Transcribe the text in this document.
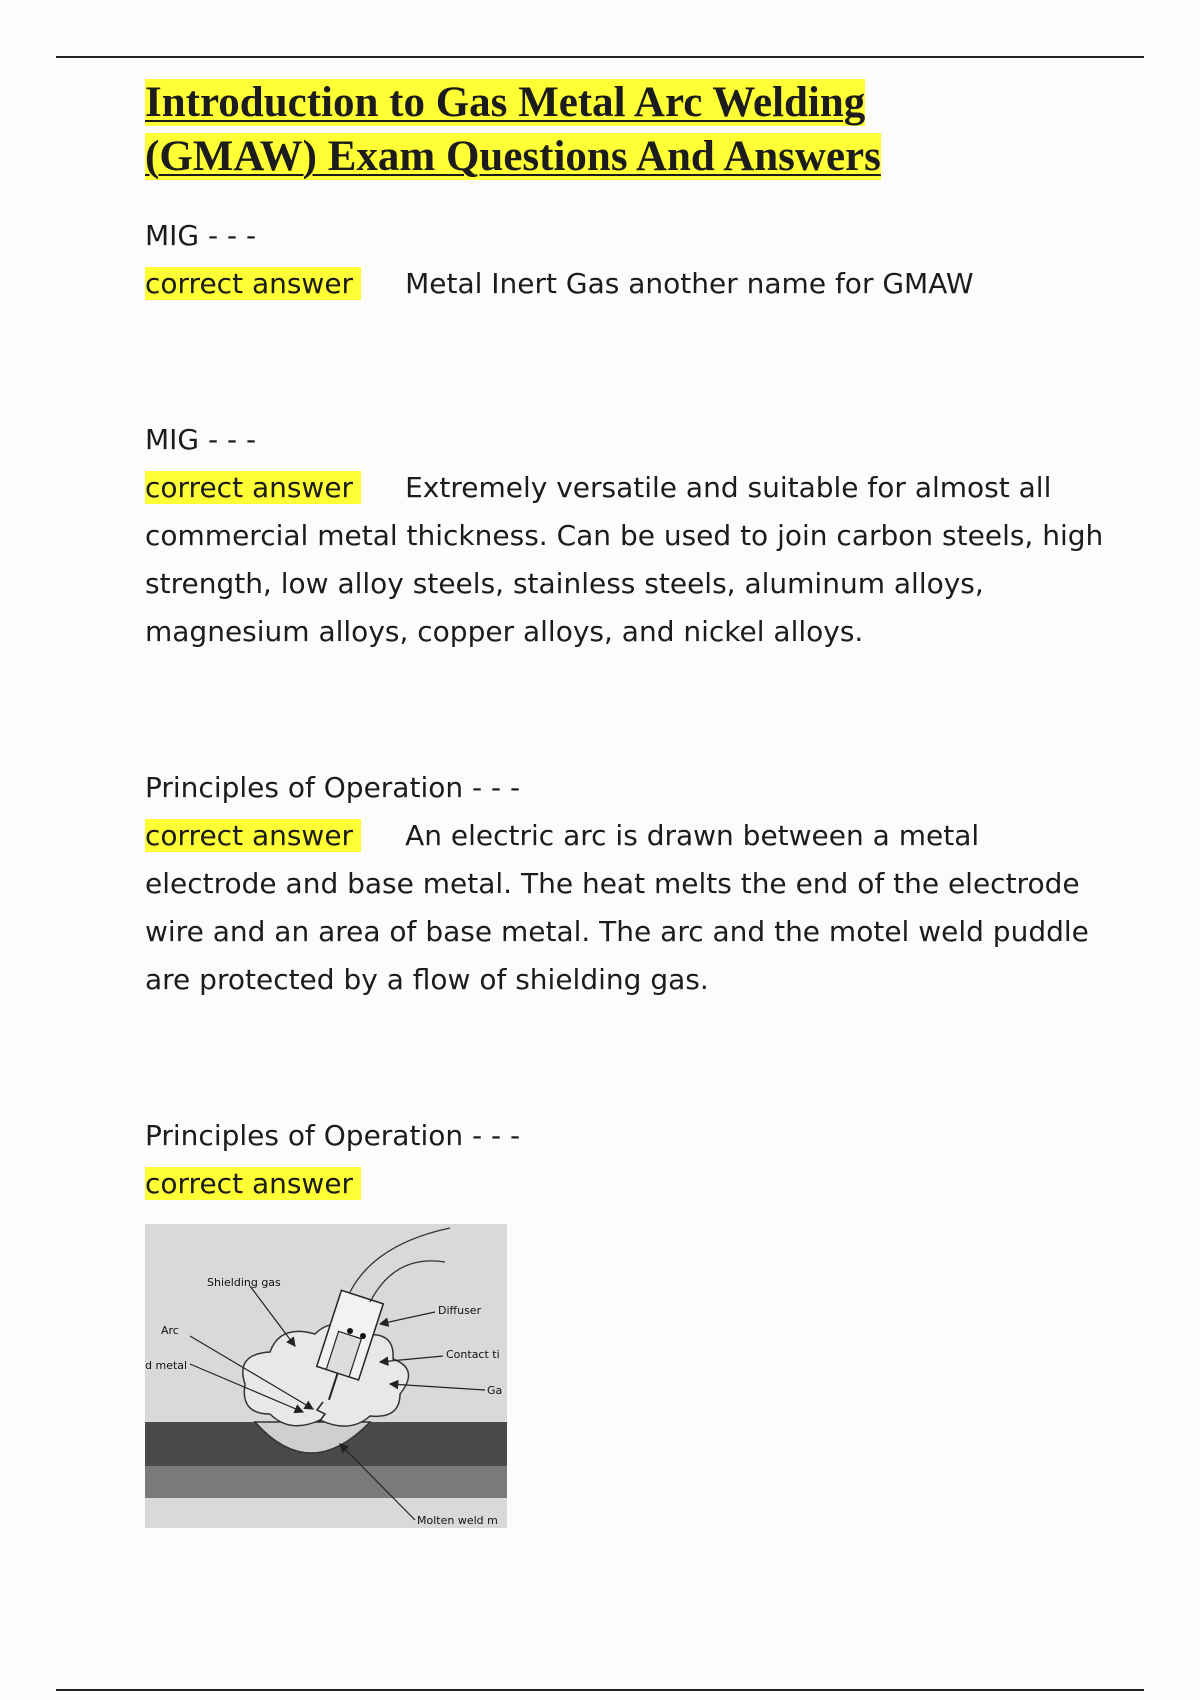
Introduction to Gas Metal Arc Welding
(GMAW) Exam Questions And Answers
MIG - - -
correct answer Metal Inert Gas another name for GMAW
MIG - - -
correct answer Extremely versatile and suitable for almost all commercial metal thickness. Can be used to join carbon steels, high strength, low alloy steels, stainless steels, aluminum alloys, magnesium alloys, copper alloys, and nickel alloys.
Principles of Operation - - -
correct answer An electric arc is drawn between a metal electrode and base metal. The heat melts the end of the electrode wire and an area of base metal. The arc and the motel weld puddle are protected by a flow of shielding gas.
Principles of Operation - - -
correct answer
Shielding gas
Diffuser
Arc
d metal
Contact ti
Ga
Molten weld m
